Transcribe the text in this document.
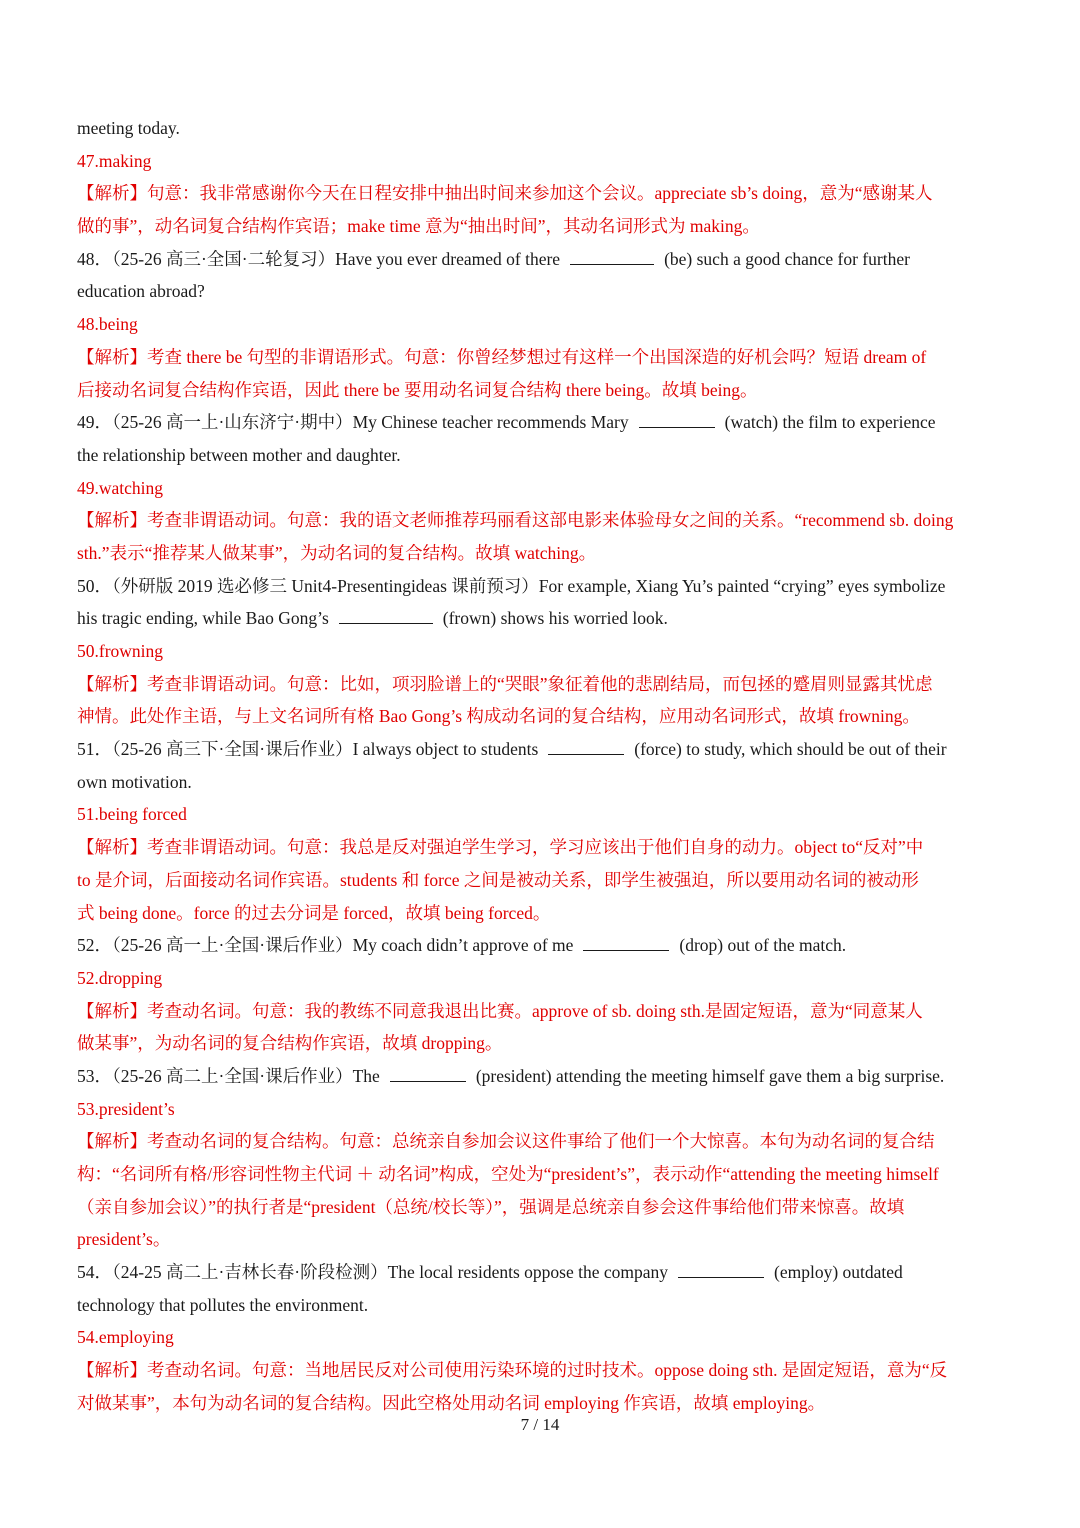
meeting today.
47.making
【解析】句意：我非常感谢你今天在日程安排中抽出时间来参加这个会议。appreciate sb’s doing，意为“感谢某人
做的事”，动名词复合结构作宾语；make time 意为“抽出时间”，其动名词形式为 making。
48．（25-26 高三·全国·二轮复习）Have you ever dreamed of there	(be) such a good chance for further
education abroad?
48.being
【解析】考查 there be 句型的非谓语形式。句意：你曾经梦想过有这样一个出国深造的好机会吗？短语 dream of
后接动名词复合结构作宾语，因此 there be 要用动名词复合结构 there being。故填 being。
49．（25-26 高一上·山东济宁·期中）My Chinese teacher recommends Mary	(watch) the film to experience
the relationship between mother and daughter.
49.watching
【解析】考查非谓语动词。句意：我的语文老师推荐玛丽看这部电影来体验母女之间的关系。“recommend sb. doing
sth.”表示“推荐某人做某事”，为动名词的复合结构。故填 watching。
50．（外研版 2019 选必修三 Unit4-Presentingideas 课前预习）For example, Xiang Yu’s painted “crying” eyes symbolize
his tragic ending, while Bao Gong’s	(frown) shows his worried look.
50.frowning
【解析】考查非谓语动词。句意：比如，项羽脸谱上的“哭眼”象征着他的悲剧结局，而包拯的蹙眉则显露其忧虑
神情。此处作主语，与上文名词所有格 Bao Gong’s 构成动名词的复合结构，应用动名词形式，故填 frowning。
51．（25-26 高三下·全国·课后作业）I always object to students	(force) to study, which should be out of their
own motivation.
51.being forced
【解析】考查非谓语动词。句意：我总是反对强迫学生学习，学习应该出于他们自身的动力。object to“反对”中
to 是介词，后面接动名词作宾语。students 和 force 之间是被动关系，即学生被强迫，所以要用动名词的被动形
式 being done。force 的过去分词是 forced，故填 being forced。
52．（25-26 高一上·全国·课后作业）My coach didn’t approve of me	(drop) out of the match.
52.dropping
【解析】考查动名词。句意：我的教练不同意我退出比赛。approve of sb. doing sth.是固定短语，意为“同意某人
做某事”，为动名词的复合结构作宾语，故填 dropping。
53．（25-26 高二上·全国·课后作业）The	(president) attending the meeting himself gave them a big surprise.
53.president’s
【解析】考查动名词的复合结构。句意：总统亲自参加会议这件事给了他们一个大惊喜。本句为动名词的复合结
构：“名词所有格/形容词性物主代词 ＋ 动名词”构成，空处为“president’s”，表示动作“attending the meeting himself
（亲自参加会议）”的执行者是“president（总统/校长等）”，强调是总统亲自参会这件事给他们带来惊喜。故填
president’s。
54．（24-25 高二上·吉林长春·阶段检测）The local residents oppose the company	(employ) outdated
technology that pollutes the environment.
54.employing
【解析】考查动名词。句意：当地居民反对公司使用污染环境的过时技术。oppose doing sth. 是固定短语，意为“反
对做某事”，本句为动名词的复合结构。因此空格处用动名词 employing 作宾语，故填 employing。
7 / 14
